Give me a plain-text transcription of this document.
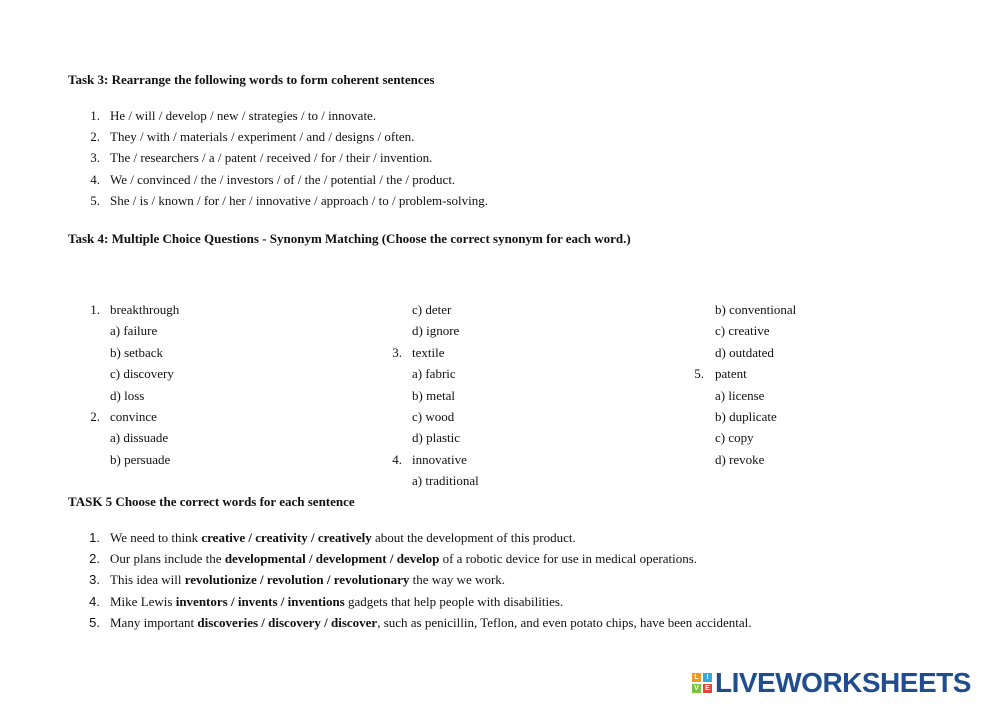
Task 3: Rearrange the following words to form coherent sentences
1. He / will / develop / new / strategies / to / innovate.
2. They / with / materials / experiment / and / designs / often.
3. The / researchers / a / patent / received / for / their / invention.
4. We / convinced / the / investors / of / the / potential / the / product.
5. She / is / known / for / her / innovative / approach / to / problem-solving.
Task 4: Multiple Choice Questions - Synonym Matching (Choose the correct synonym for each word.)
1. breakthrough
a) failure
b) setback
c) discovery
d) loss
2. convince
a) dissuade
b) persuade
c) deter
d) ignore
3. textile
a) fabric
b) metal
c) wood
d) plastic
4. innovative
a) traditional
b) conventional
c) creative
d) outdated
5. patent
a) license
b) duplicate
c) copy
d) revoke
TASK 5 Choose the correct words for each sentence
1. We need to think creative / creativity / creatively about the development of this product.
2. Our plans include the developmental / development / develop of a robotic device for use in medical operations.
3. This idea will revolutionize / revolution / revolutionary the way we work.
4. Mike Lewis inventors / invents / inventions gadgets that help people with disabilities.
5. Many important discoveries / discovery / discover, such as penicillin, Teflon, and even potato chips, have been accidental.
L	I
V E LIVEWORKSHEETS
